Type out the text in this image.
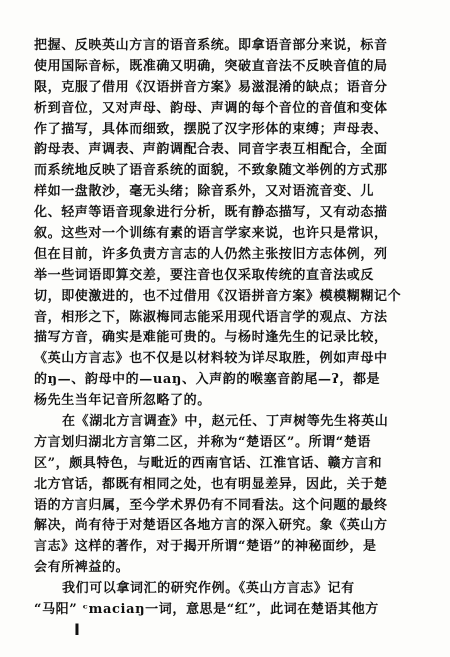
把握、反映英山方言的语音系统。即拿语音部分来说，标音
使用国际音标，既准确又明确，突破直音法不反映音值的局
限，克服了借用《汉语拼音方案》易滋混淆的缺点；语音分
析到音位，又对声母、韵母、声调的每个音位的音值和变体
作了描写，具体而细致，摆脱了汉字形体的束缚；声母表、
韵母表、声调表、声韵调配合表、同音字表互相配合，全面
而系统地反映了语音系统的面貌，不致象随文举例的方式那
样如一盘散沙，毫无头绪；除音系外，又对语流音变、儿
化、轻声等语音现象进行分析，既有静态描写，又有动态描
叙。这些对一个训练有素的语言学家来说，也许只是常识，
但在目前，许多负责方言志的人仍然主张按旧方志体例，列
举一些词语即算交差，要注音也仅采取传统的直音法或反
切，即使激进的，也不过借用《汉语拼音方案》模模糊糊记个
音，相形之下，陈淑梅同志能采用现代语言学的观点、方法
描写方音，确实是难能可贵的。与杨时逢先生的记录比较，
《英山方言志》也不仅是以材料较为详尽取胜，例如声母中
的ŋ—、韵母中的—uaŋ、入声韵的喉塞音韵尾—ʔ，都是
杨先生当年记音所忽略了的。
在《湖北方言调查》中，赵元任、丁声树等先生将英山
方言划归湖北方言第二区，并称为“楚语区”。所谓“楚语
区”，颇具特色，与毗近的西南官话、江淮官话、赣方言和
北方官话，都既有相同之处，也有明显差异，因此，关于楚
语的方言归属，至今学术界仍有不同看法。这个问题的最终
解决，尚有待于对楚语区各地方言的深入研究。象《英山方
言志》这样的著作，对于揭开所谓“楚语”的神秘面纱，是
会有所裨益的。
我们可以拿词汇的研究作例。《英山方言志》记有
“马阳” ᶜmaciaŋ一词，意思是“红”，此词在楚语其他方
I
